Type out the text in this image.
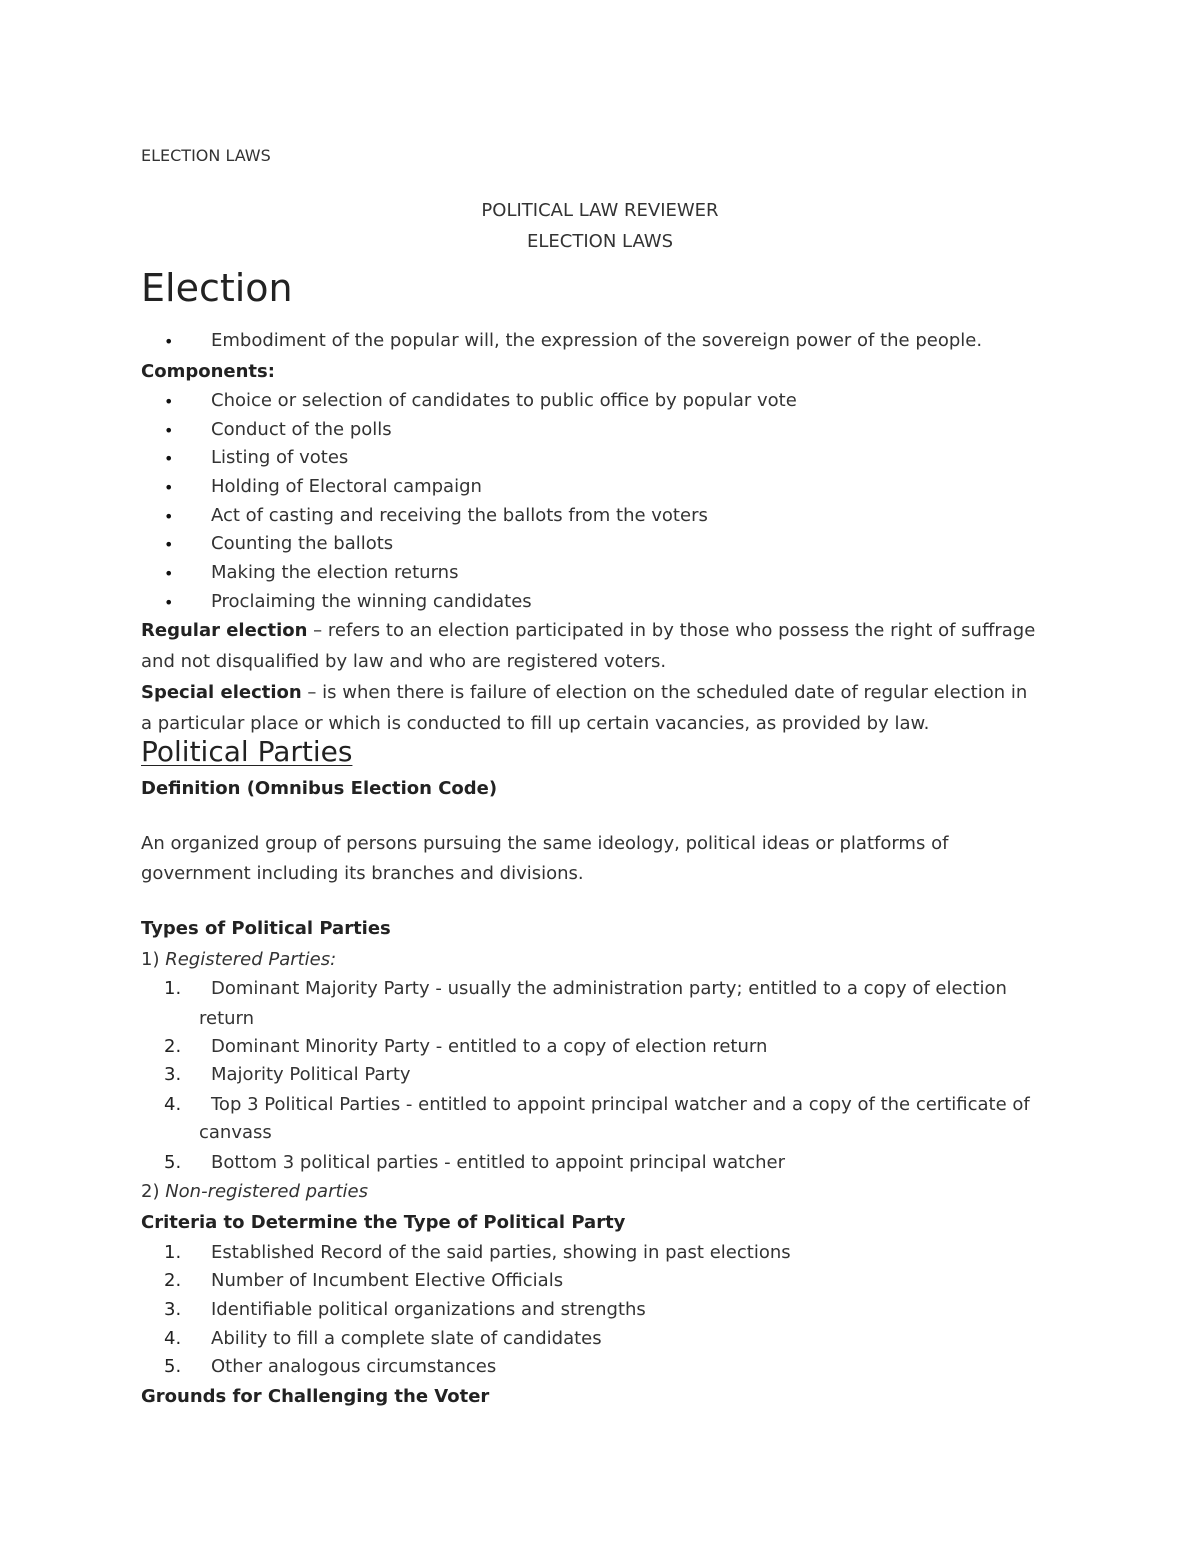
ELECTION LAWS
POLITICAL LAW REVIEWER
ELECTION LAWS
Election
• Embodiment of the popular will, the expression of the sovereign power of the people.
Components:
• Choice or selection of candidates to public office by popular vote
• Conduct of the polls
• Listing of votes
• Holding of Electoral campaign
• Act of casting and receiving the ballots from the voters
• Counting the ballots
• Making the election returns
• Proclaiming the winning candidates
Regular election – refers to an election participated in by those who possess the right of suffrage
and not disqualified by law and who are registered voters.
Special election – is when there is failure of election on the scheduled date of regular election in
a particular place or which is conducted to fill up certain vacancies, as provided by law.
Political Parties
Definition (Omnibus Election Code)
An organized group of persons pursuing the same ideology, political ideas or platforms of
government including its branches and divisions.
Types of Political Parties
1) Registered Parties:
1. Dominant Majority Party - usually the administration party; entitled to a copy of election
return
2. Dominant Minority Party - entitled to a copy of election return
3. Majority Political Party
4. Top 3 Political Parties - entitled to appoint principal watcher and a copy of the certificate of
canvass
5. Bottom 3 political parties - entitled to appoint principal watcher
2) Non-registered parties
Criteria to Determine the Type of Political Party
1. Established Record of the said parties, showing in past elections
2. Number of Incumbent Elective Officials
3. Identifiable political organizations and strengths
4. Ability to fill a complete slate of candidates
5. Other analogous circumstances
Grounds for Challenging the Voter
